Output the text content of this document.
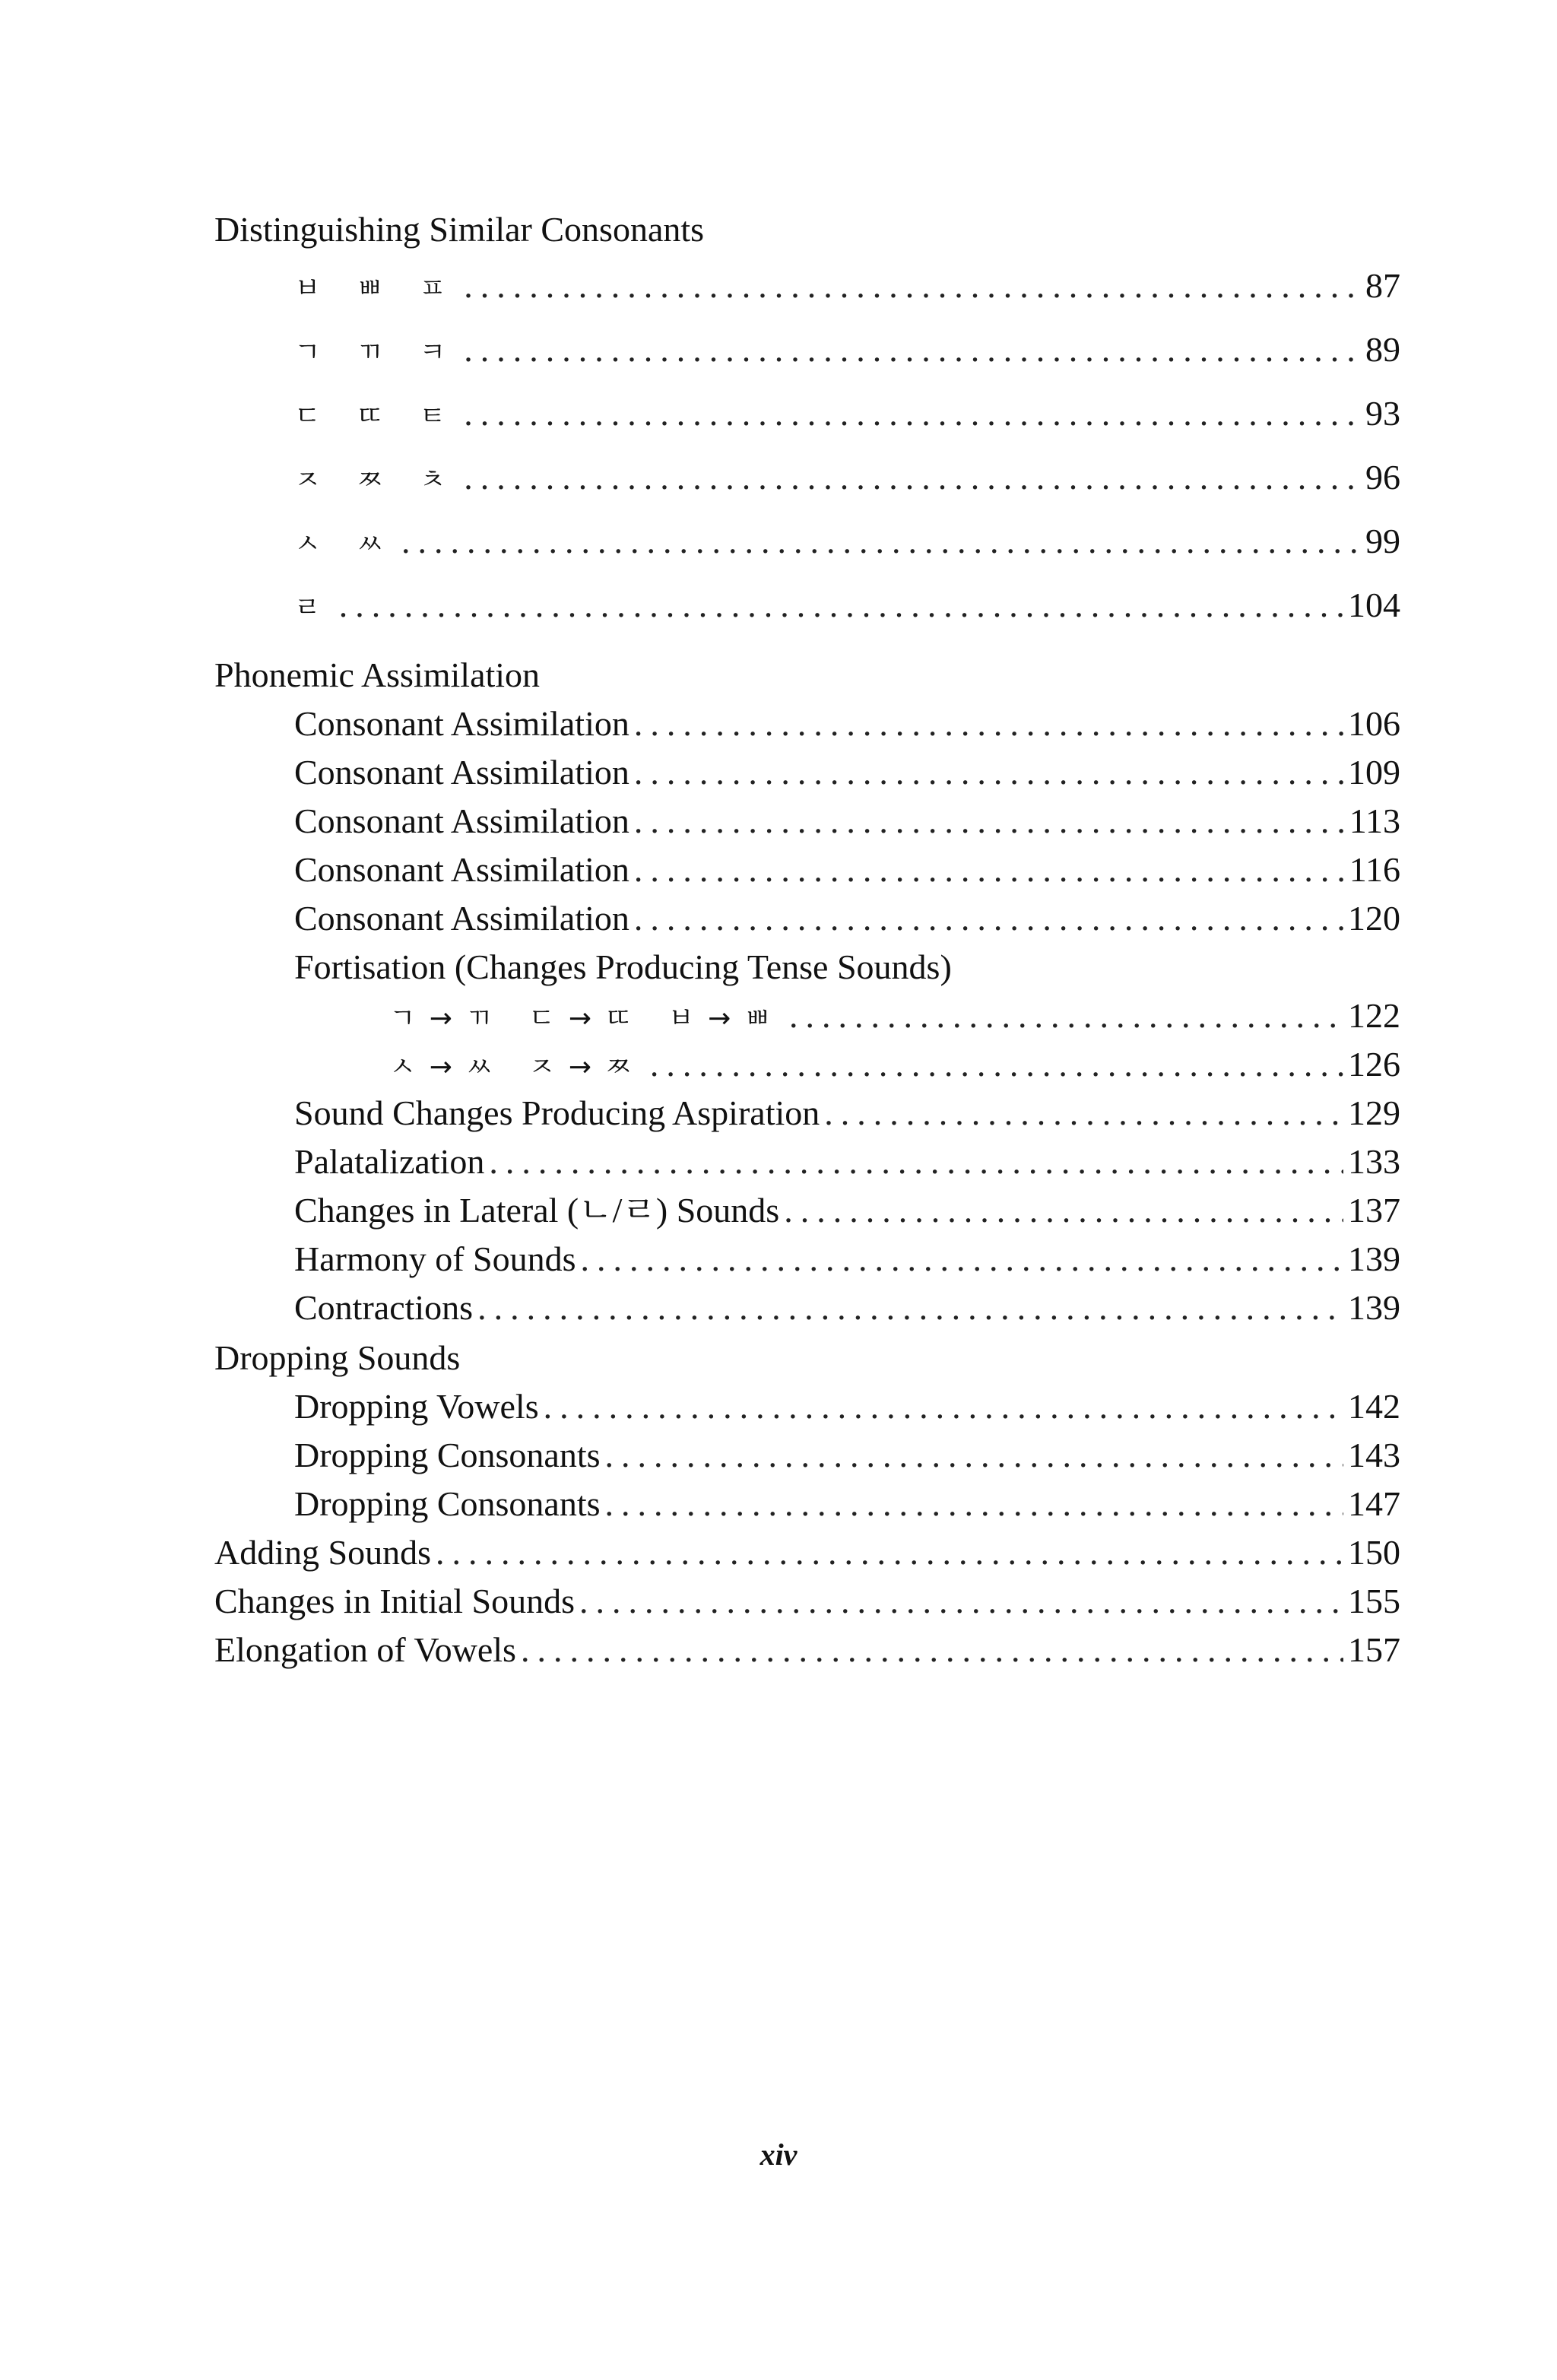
Distinguishing Similar Consonants
ㅂ ㅃ ㅍ .....	87
ㄱ ㄲ ㅋ .....	89
ㄷ ㄸ ㅌ .....	93
ㅈ ㅉ ㅊ .....	96
ㅅ ㅆ .....	99
ㄹ .....	104
Phonemic Assimilation
Consonant Assimilation .....	106
Consonant Assimilation .....	109
Consonant Assimilation .....	113
Consonant Assimilation .....	116
Consonant Assimilation .....	120
Fortisation (Changes Producing Tense Sounds)
ㄱ→ㄲ ㄷ→ㄸ ㅂ→ㅃ .....	122
ㅅ→ㅆ ㅈ→ㅉ .....	126
Sound Changes Producing Aspiration .....	129
Palatalization .....	133
Changes in Lateral (ㄴ/ㄹ) Sounds .....	137
Harmony of Sounds .....	139
Contractions .....	139
Dropping Sounds
Dropping Vowels .....	142
Dropping Consonants .....	143
Dropping Consonants .....	147
Adding Sounds .....	150
Changes in Initial Sounds .....	155
Elongation of Vowels .....	157
xiv
